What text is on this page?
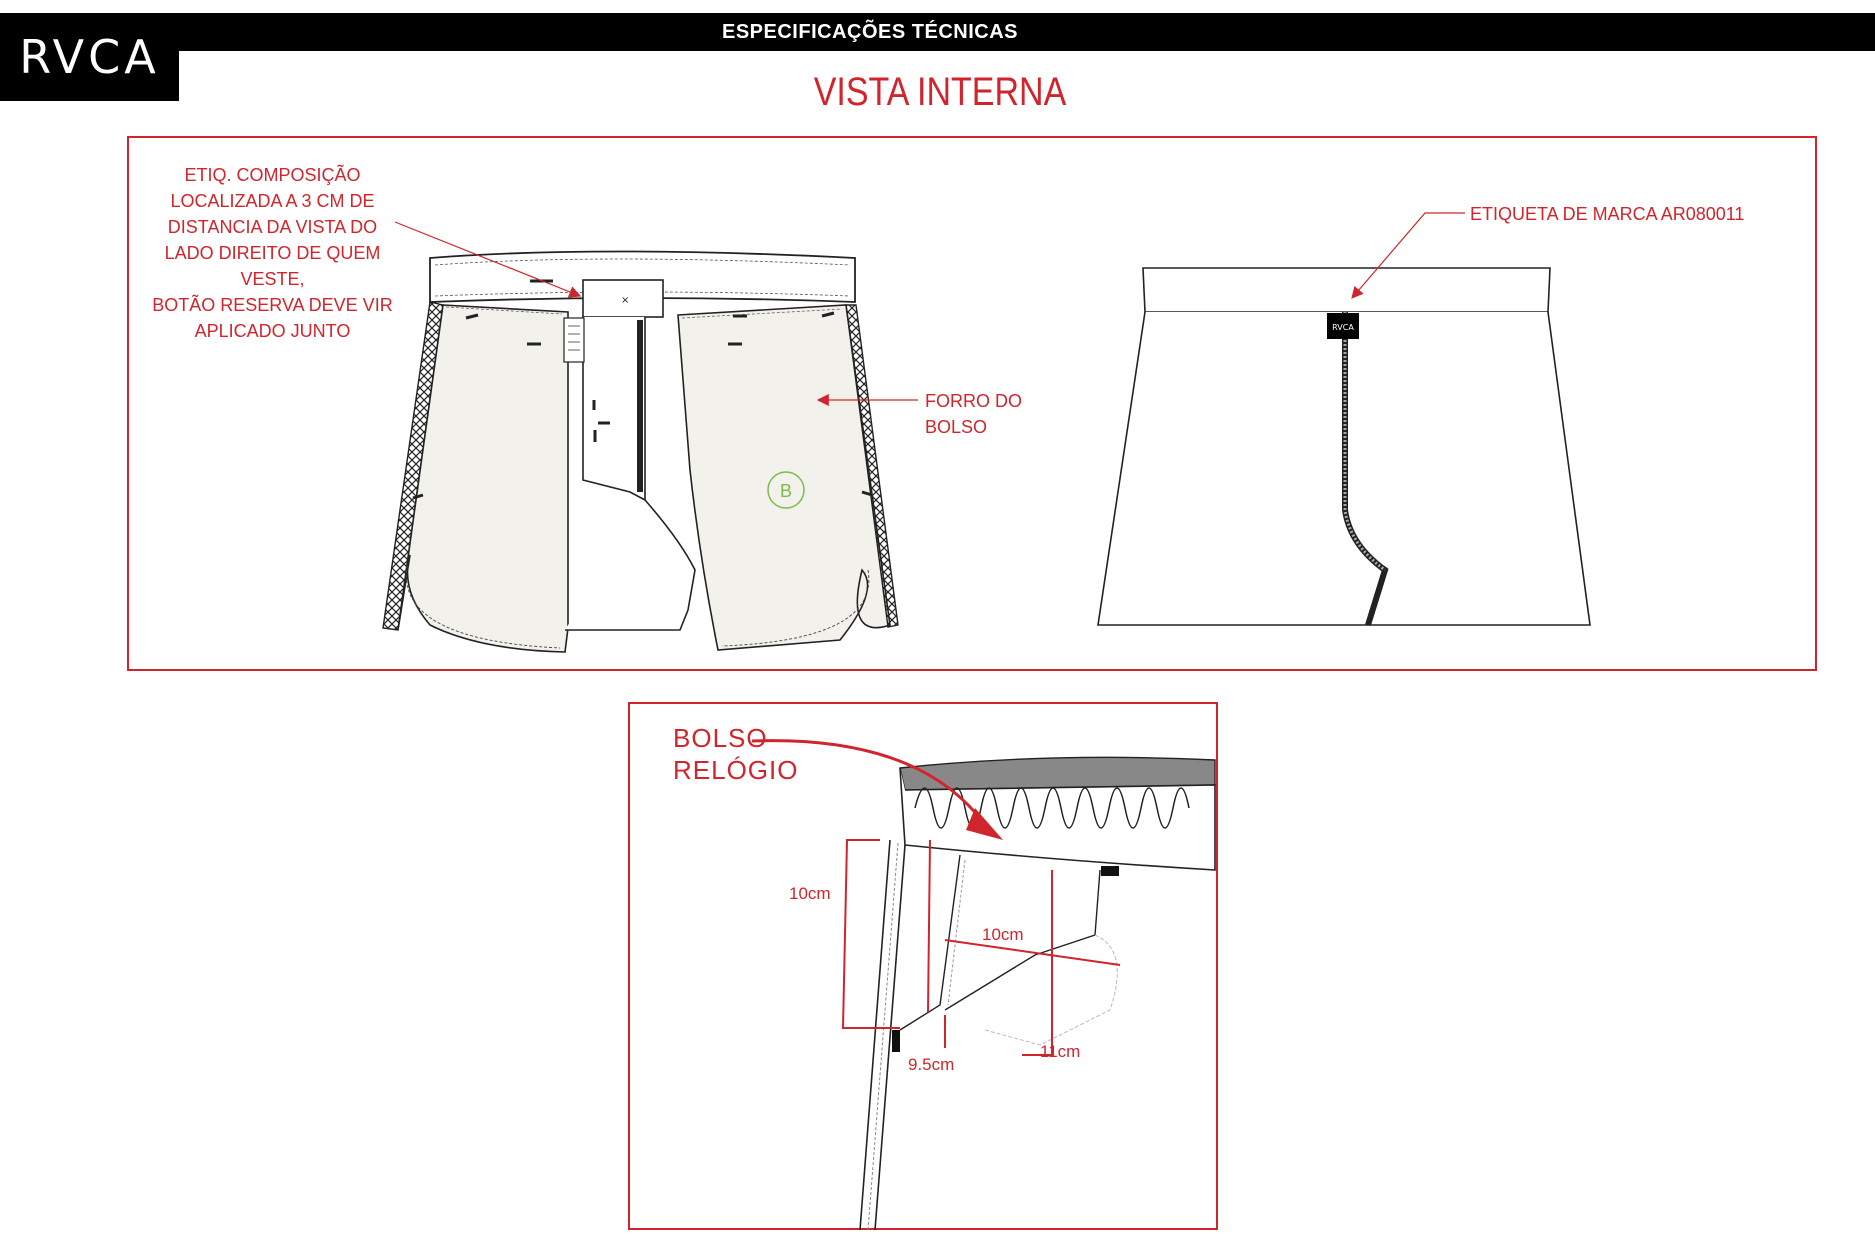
ESPECIFICAÇÕES TÉCNICAS
RVCA
VISTA INTERNA
×
B
RVCA
ETIQ. COMPOSIÇÃO
LOCALIZADA A 3 CM DE
DISTANCIA DA VISTA DO
LADO DIREITO DE QUEM VESTE,
BOTÃO RESERVA DEVE VIR
APLICADO JUNTO
FORRO DO
BOLSO
ETIQUETA DE MARCA AR080011
BOLSO
RELÓGIO
10cm
10cm
9.5cm
11cm
